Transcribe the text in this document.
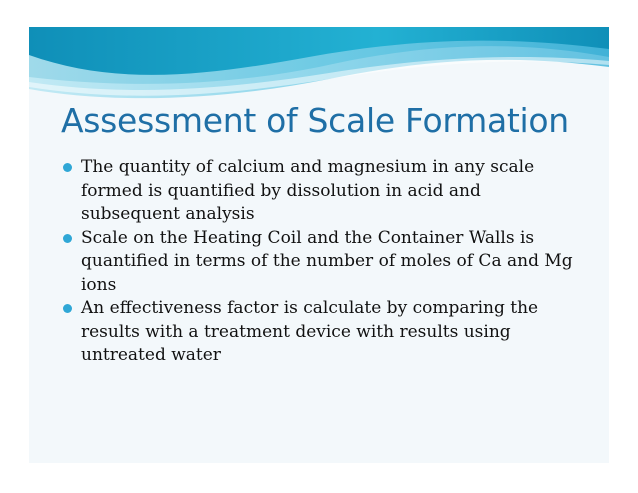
Assessment of Scale Formation
The quantity of calcium and magnesium in any scale formed is quantified by dissolution in acid and subsequent analysis
Scale on the Heating Coil and the Container Walls is quantified in terms of the number of moles of Ca and Mg ions
An effectiveness factor is calculate by comparing the results with a treatment device with results using untreated water
